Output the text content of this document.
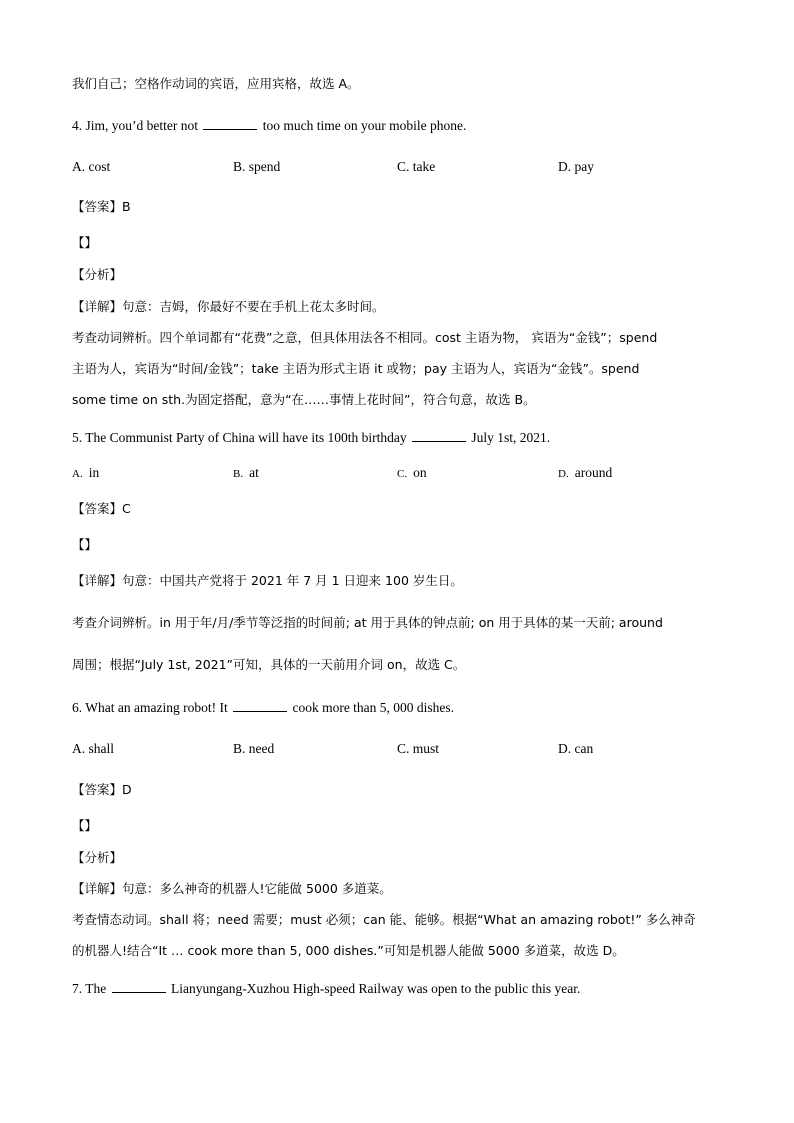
我们自己；空格作动词的宾语，应用宾格，故选 A。
4. Jim, you’d better not	too much time on your mobile phone.
A. cost	B. spend	C. take	D. pay
【答案】B
【】
【分析】
【详解】句意：吉姆，你最好不要在手机上花太多时间。
考查动词辨析。四个单词都有“花费”之意，但具体用法各不相同。cost 主语为物， 宾语为“金钱”；spend
主语为人，宾语为“时间/金钱”；take 主语为形式主语 it 或物；pay 主语为人，宾语为“金钱”。spend
some time on sth.为固定搭配，意为“在……事情上花时间”，符合句意，故选 B。
5. The Communist Party of China will have its 100th birthday	July 1st, 2021.
A. in	B. at	C. on	D. around
【答案】C
【】
【详解】句意：中国共产党将于 2021 年 7 月 1 日迎来 100 岁生日。
考查介词辨析。in 用于年/月/季节等泛指的时间前; at 用于具体的钟点前; on 用于具体的某一天前; around
周围；根据“July 1st, 2021”可知，具体的一天前用介词 on，故选 C。
6. What an amazing robot! It	cook more than 5, 000 dishes.
A. shall	B. need	C. must	D. can
【答案】D
【】
【分析】
【详解】句意：多么神奇的机器人!它能做 5000 多道菜。
考查情态动词。shall 将；need 需要；must 必须；can 能、能够。根据“What an amazing robot!” 多么神奇
的机器人!结合“It … cook more than 5, 000 dishes.”可知是机器人能做 5000 多道菜，故选 D。
7. The	Lianyungang-Xuzhou High-speed Railway was open to the public this year.
